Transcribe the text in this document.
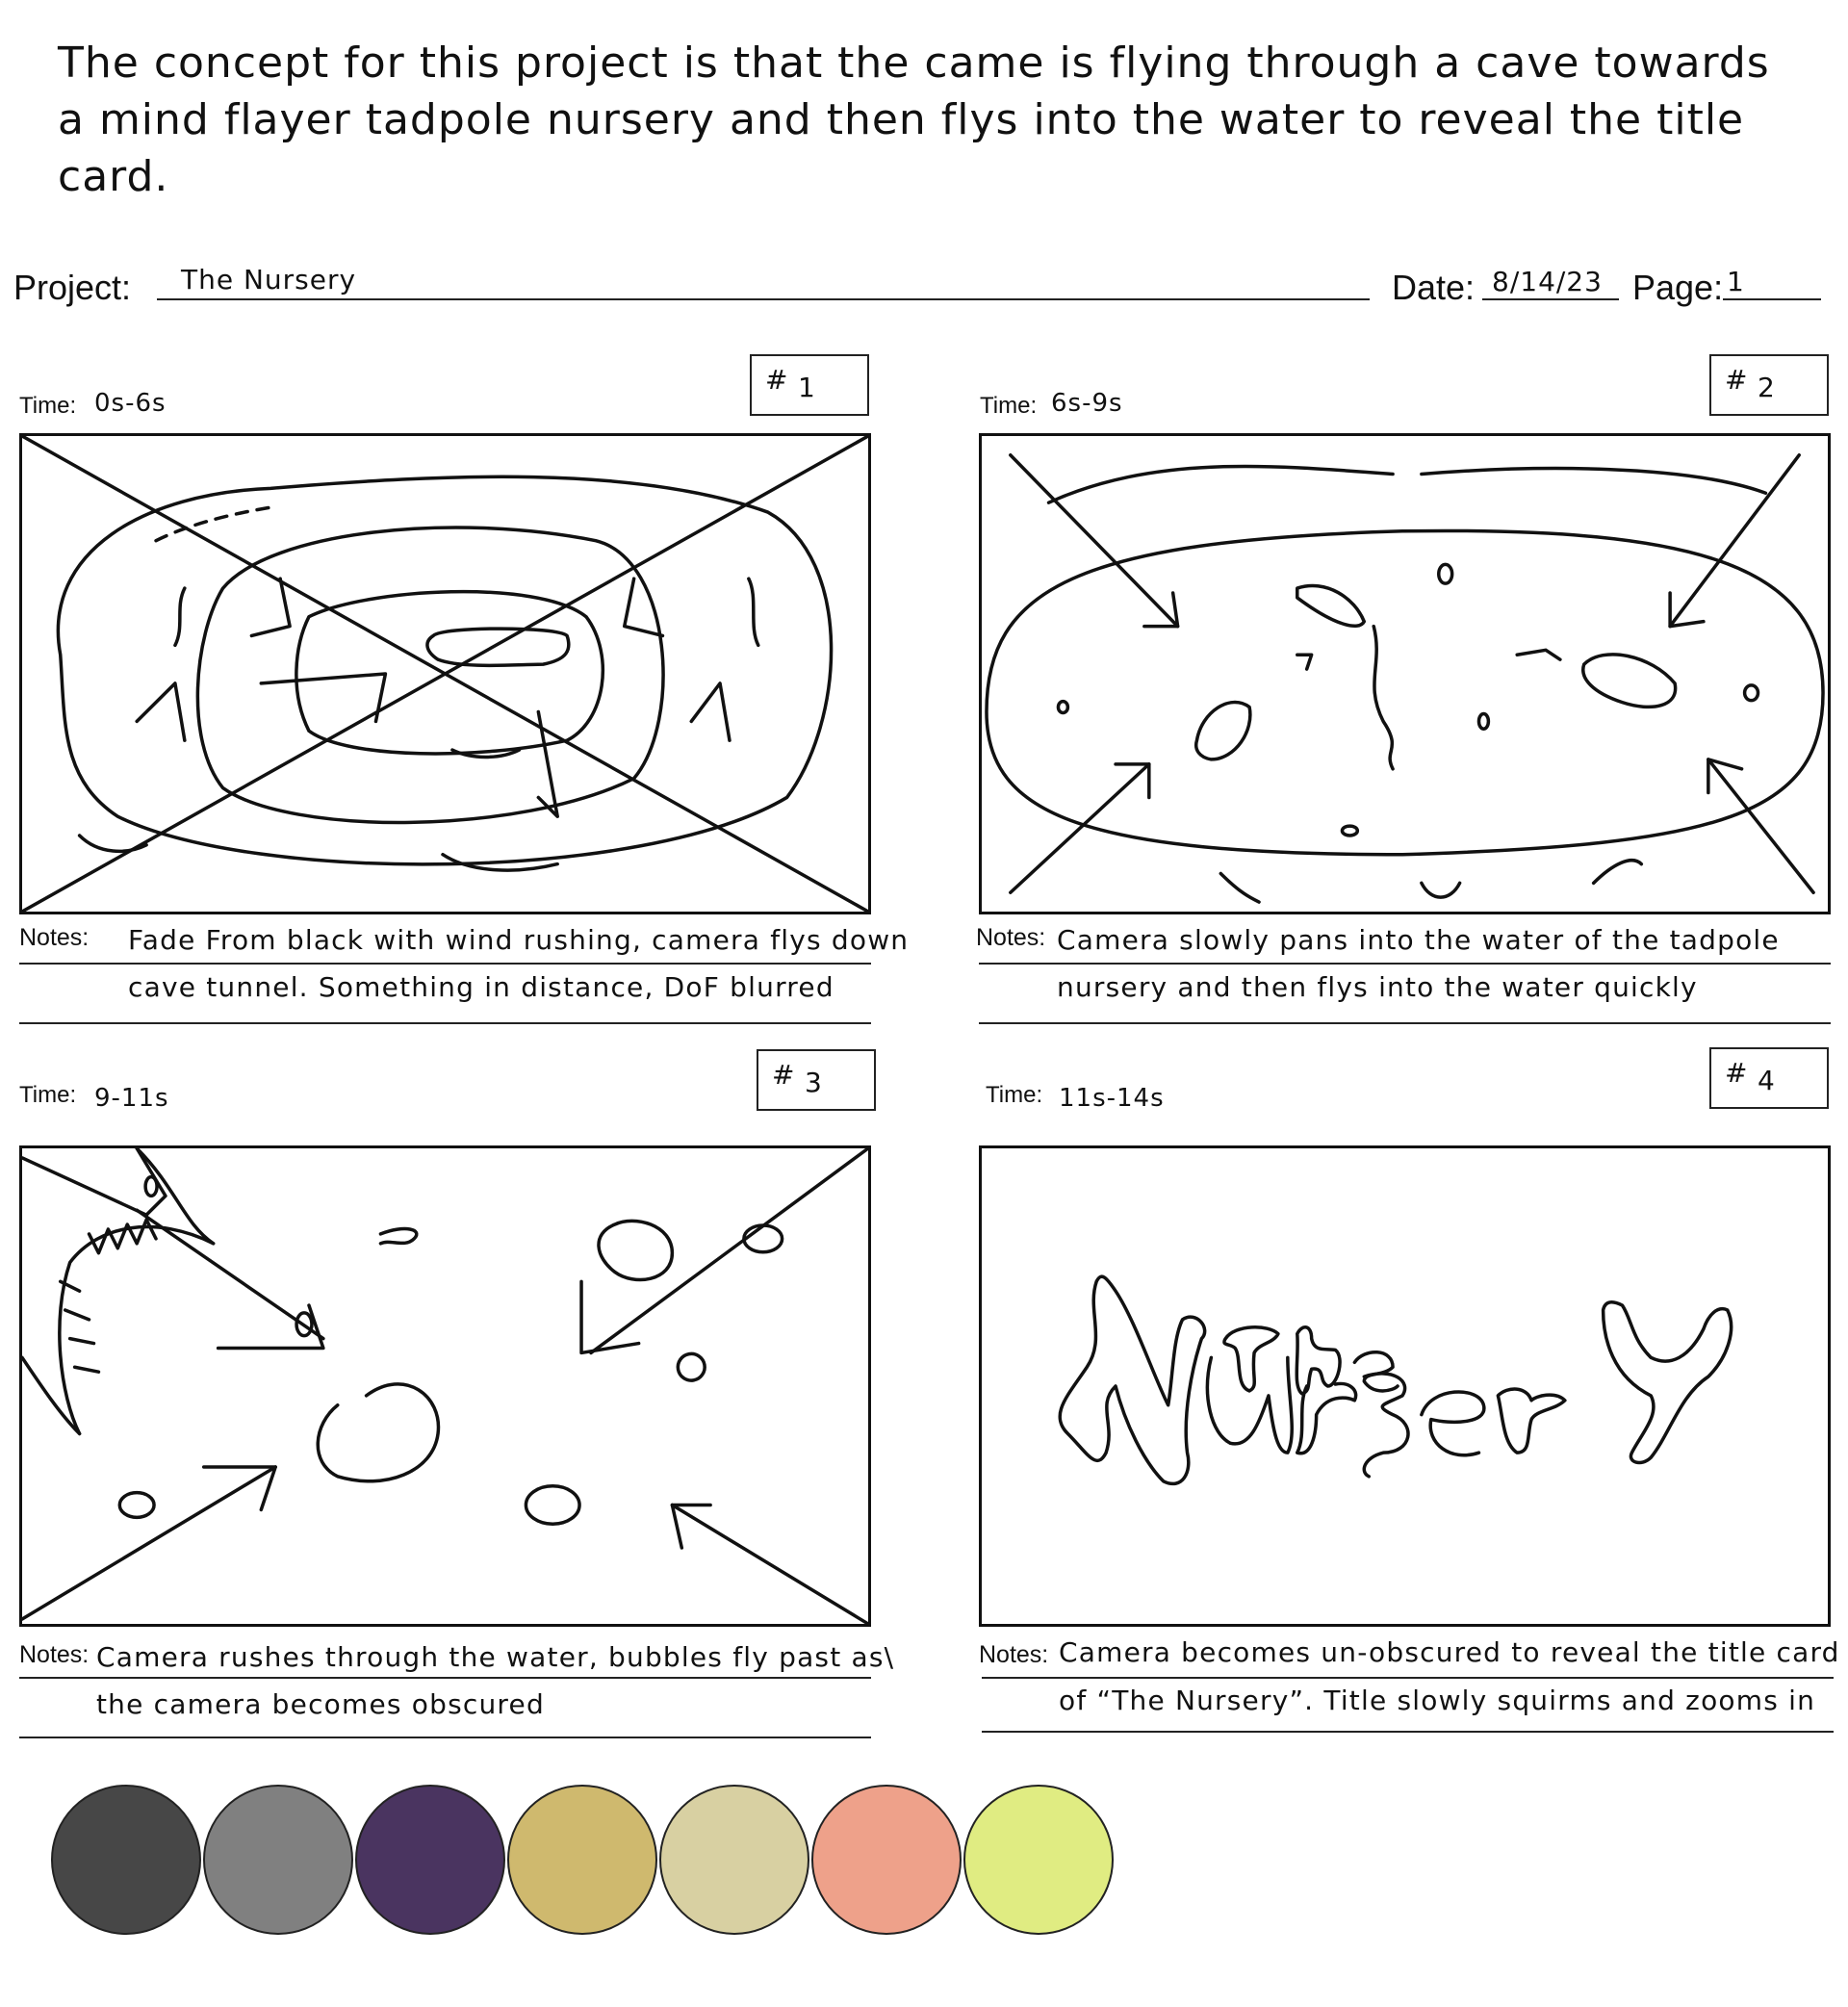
The concept for this project is that the came is flying through a cave towards a mind flayer tadpole nursery and then flys into the water to reveal the title card.

Project: The Nursery	Date: 8/14/23 Page: 1
Time: 0s-6s
# 1
Notes: Fade From black with wind rushing, camera flys down
cave tunnel. Something in distance, DoF blurred
Time: 6s-9s
# 2
Notes: Camera slowly pans into the water of the tadpole
nursery and then flys into the water quickly
Time: 9-11s
# 3
Notes: Camera rushes through the water, bubbles fly past as\
the camera becomes obscured
Time: 11s-14s
# 4
Notes: Camera becomes un-obscured to reveal the title card
of “The Nursery”. Title slowly squirms and zooms in
